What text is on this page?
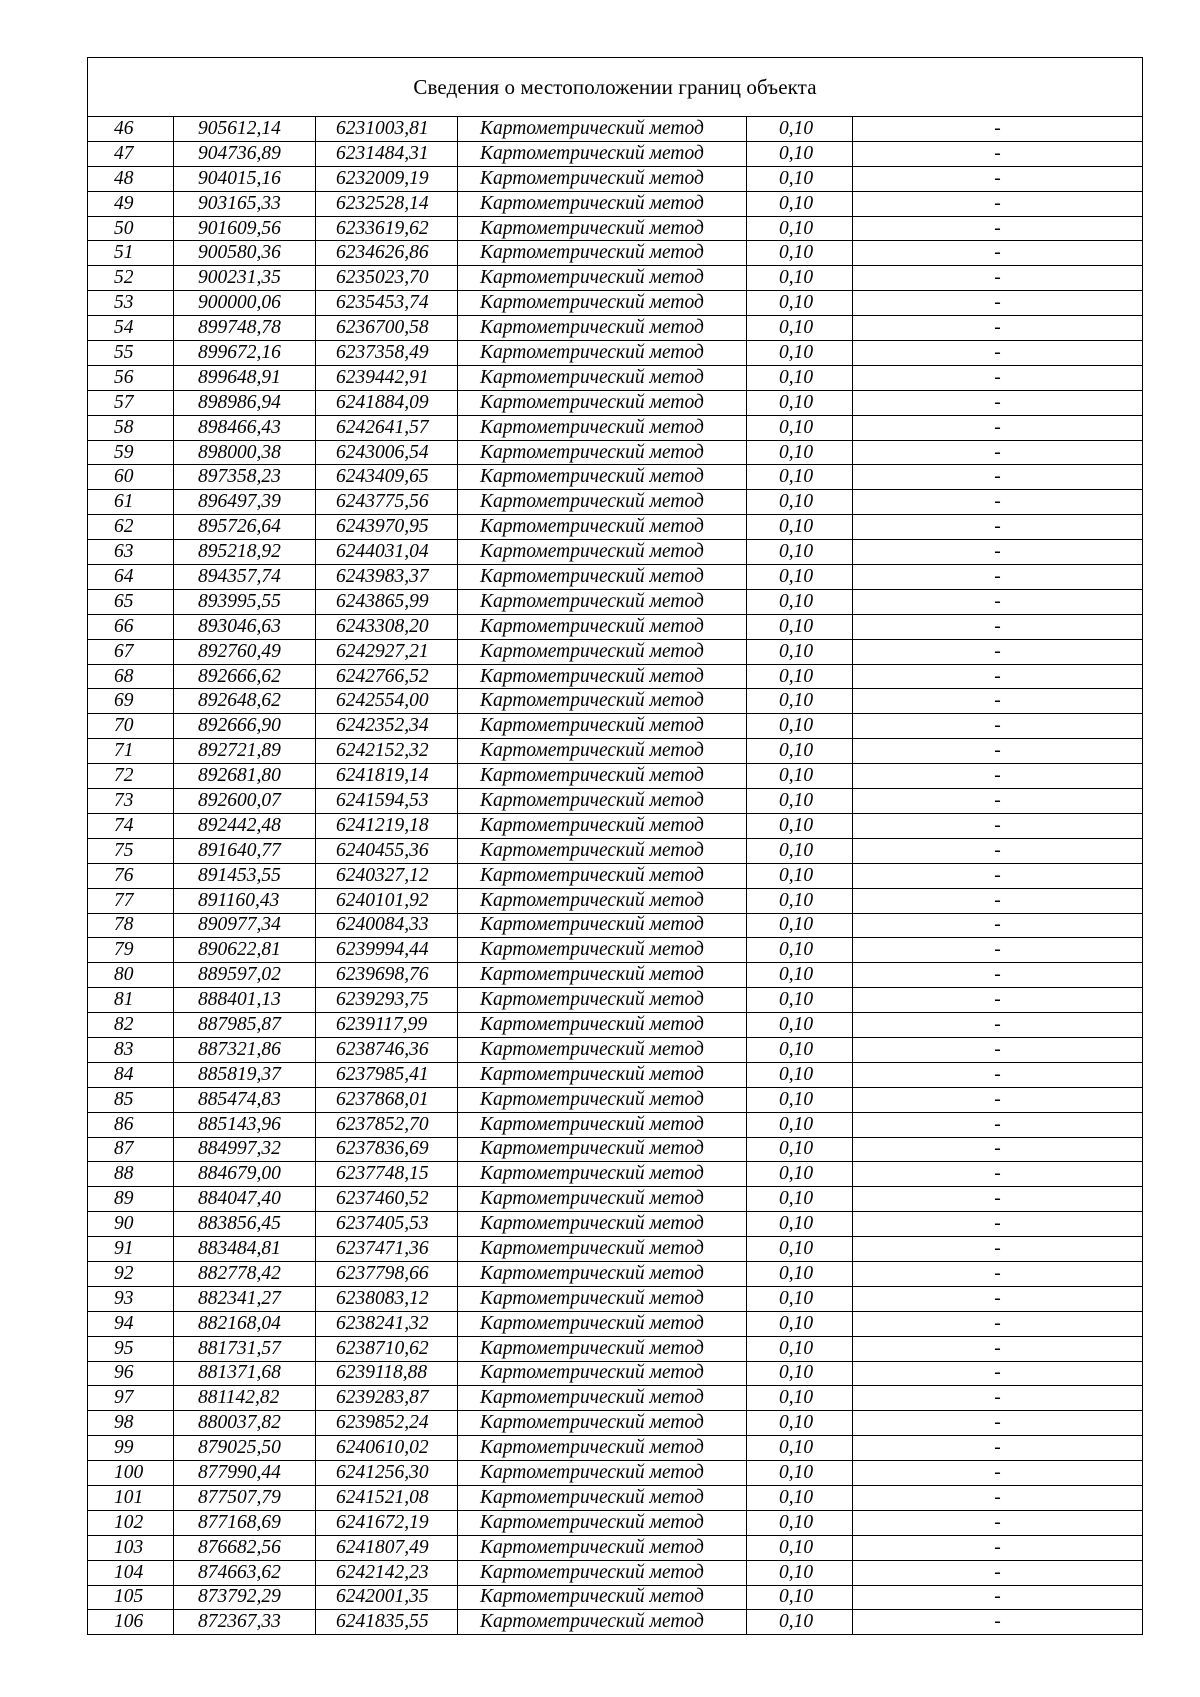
Сведения о местоположении границ объекта					
46	905612,14	6231003,81	Картометрический метод	0,10	-
47	904736,89	6231484,31	Картометрический метод	0,10	-
48	904015,16	6232009,19	Картометрический метод	0,10	-
49	903165,33	6232528,14	Картометрический метод	0,10	-
50	901609,56	6233619,62	Картометрический метод	0,10	-
51	900580,36	6234626,86	Картометрический метод	0,10	-
52	900231,35	6235023,70	Картометрический метод	0,10	-
53	900000,06	6235453,74	Картометрический метод	0,10	-
54	899748,78	6236700,58	Картометрический метод	0,10	-
55	899672,16	6237358,49	Картометрический метод	0,10	-
56	899648,91	6239442,91	Картометрический метод	0,10	-
57	898986,94	6241884,09	Картометрический метод	0,10	-
58	898466,43	6242641,57	Картометрический метод	0,10	-
59	898000,38	6243006,54	Картометрический метод	0,10	-
60	897358,23	6243409,65	Картометрический метод	0,10	-
61	896497,39	6243775,56	Картометрический метод	0,10	-
62	895726,64	6243970,95	Картометрический метод	0,10	-
63	895218,92	6244031,04	Картометрический метод	0,10	-
64	894357,74	6243983,37	Картометрический метод	0,10	-
65	893995,55	6243865,99	Картометрический метод	0,10	-
66	893046,63	6243308,20	Картометрический метод	0,10	-
67	892760,49	6242927,21	Картометрический метод	0,10	-
68	892666,62	6242766,52	Картометрический метод	0,10	-
69	892648,62	6242554,00	Картометрический метод	0,10	-
70	892666,90	6242352,34	Картометрический метод	0,10	-
71	892721,89	6242152,32	Картометрический метод	0,10	-
72	892681,80	6241819,14	Картометрический метод	0,10	-
73	892600,07	6241594,53	Картометрический метод	0,10	-
74	892442,48	6241219,18	Картометрический метод	0,10	-
75	891640,77	6240455,36	Картометрический метод	0,10	-
76	891453,55	6240327,12	Картометрический метод	0,10	-
77	891160,43	6240101,92	Картометрический метод	0,10	-
78	890977,34	6240084,33	Картометрический метод	0,10	-
79	890622,81	6239994,44	Картометрический метод	0,10	-
80	889597,02	6239698,76	Картометрический метод	0,10	-
81	888401,13	6239293,75	Картометрический метод	0,10	-
82	887985,87	6239117,99	Картометрический метод	0,10	-
83	887321,86	6238746,36	Картометрический метод	0,10	-
84	885819,37	6237985,41	Картометрический метод	0,10	-
85	885474,83	6237868,01	Картометрический метод	0,10	-
86	885143,96	6237852,70	Картометрический метод	0,10	-
87	884997,32	6237836,69	Картометрический метод	0,10	-
88	884679,00	6237748,15	Картометрический метод	0,10	-
89	884047,40	6237460,52	Картометрический метод	0,10	-
90	883856,45	6237405,53	Картометрический метод	0,10	-
91	883484,81	6237471,36	Картометрический метод	0,10	-
92	882778,42	6237798,66	Картометрический метод	0,10	-
93	882341,27	6238083,12	Картометрический метод	0,10	-
94	882168,04	6238241,32	Картометрический метод	0,10	-
95	881731,57	6238710,62	Картометрический метод	0,10	-
96	881371,68	6239118,88	Картометрический метод	0,10	-
97	881142,82	6239283,87	Картометрический метод	0,10	-
98	880037,82	6239852,24	Картометрический метод	0,10	-
99	879025,50	6240610,02	Картометрический метод	0,10	-
100	877990,44	6241256,30	Картометрический метод	0,10	-
101	877507,79	6241521,08	Картометрический метод	0,10	-
102	877168,69	6241672,19	Картометрический метод	0,10	-
103	876682,56	6241807,49	Картометрический метод	0,10	-
104	874663,62	6242142,23	Картометрический метод	0,10	-
105	873792,29	6242001,35	Картометрический метод	0,10	-
106	872367,33	6241835,55	Картометрический метод	0,10	-
